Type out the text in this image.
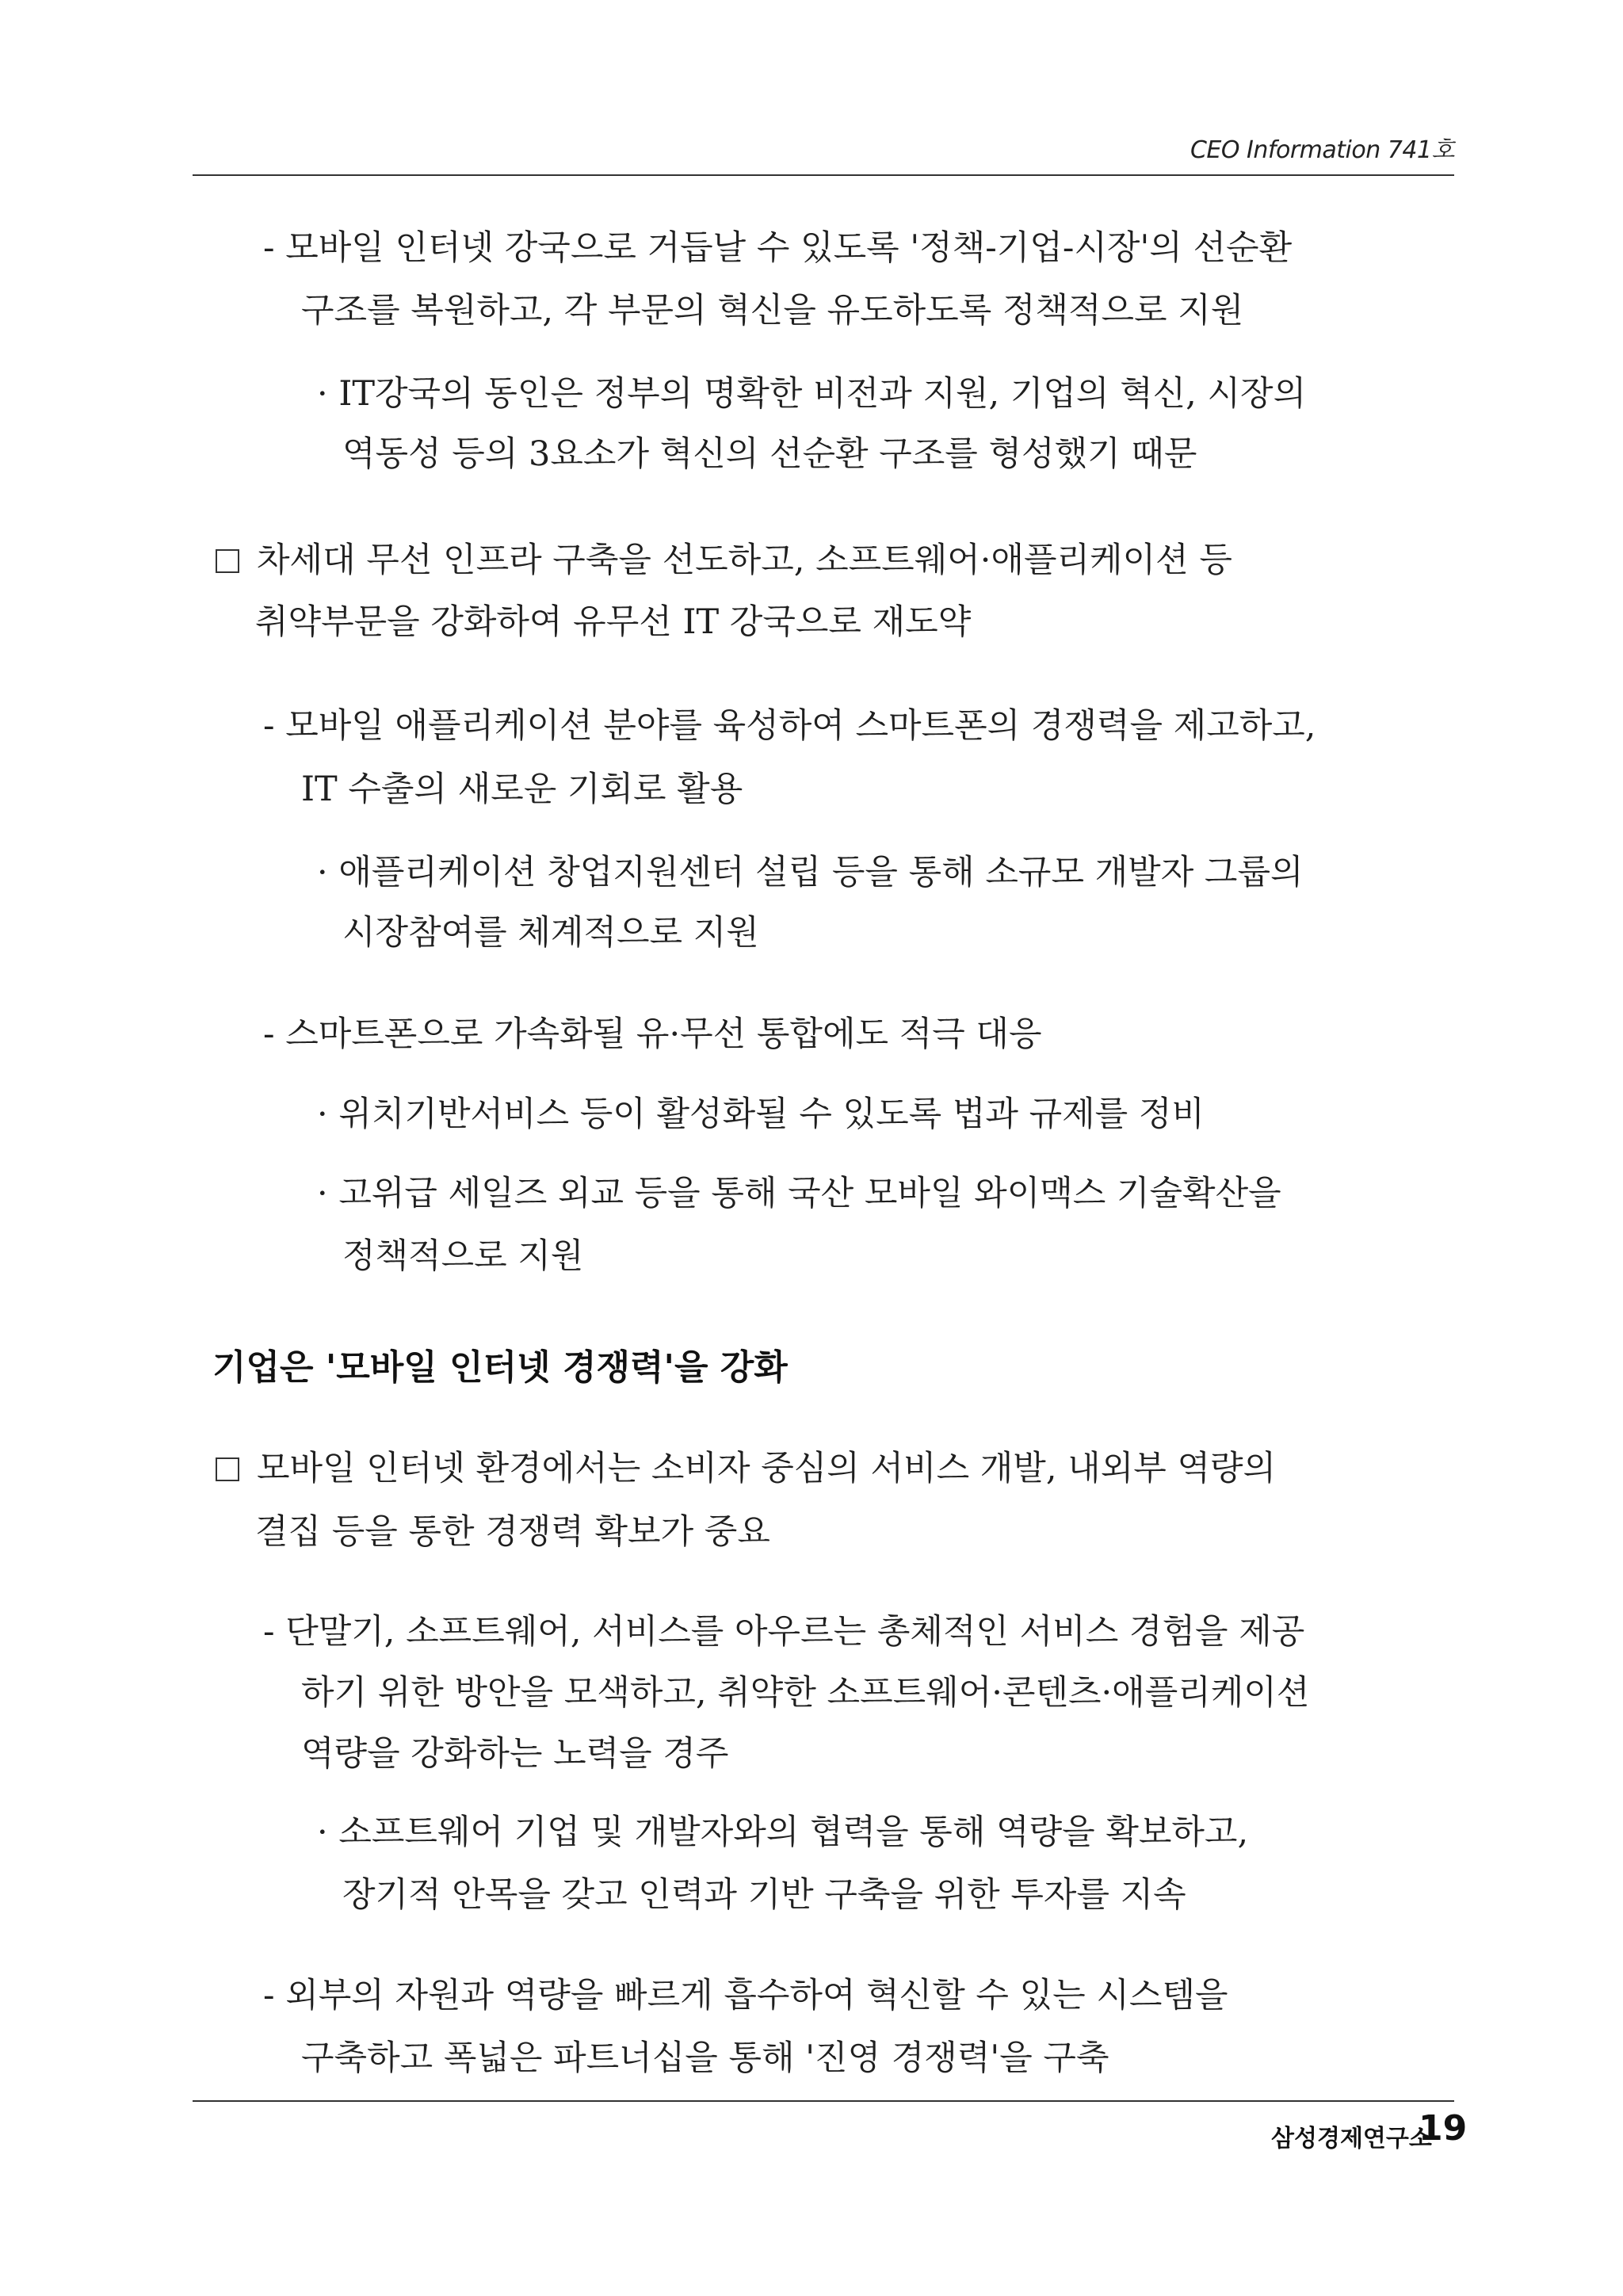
CEO Information 741호
- 모바일 인터넷 강국으로 거듭날 수 있도록 '정책-기업-시장'의 선순환
구조를 복원하고, 각 부문의 혁신을 유도하도록 정책적으로 지원
· IT강국의 동인은 정부의 명확한 비전과 지원, 기업의 혁신, 시장의
역동성 등의 3요소가 혁신의 선순환 구조를 형성했기 때문
차세대 무선 인프라 구축을 선도하고, 소프트웨어·애플리케이션 등
취약부문을 강화하여 유무선 IT 강국으로 재도약
- 모바일 애플리케이션 분야를 육성하여 스마트폰의 경쟁력을 제고하고,
IT 수출의 새로운 기회로 활용
· 애플리케이션 창업지원센터 설립 등을 통해 소규모 개발자 그룹의
시장참여를 체계적으로 지원
- 스마트폰으로 가속화될 유·무선 통합에도 적극 대응
· 위치기반서비스 등이 활성화될 수 있도록 법과 규제를 정비
· 고위급 세일즈 외교 등을 통해 국산 모바일 와이맥스 기술확산을
정책적으로 지원
기업은 '모바일 인터넷 경쟁력'을 강화
모바일 인터넷 환경에서는 소비자 중심의 서비스 개발, 내외부 역량의
결집 등을 통한 경쟁력 확보가 중요
- 단말기, 소프트웨어, 서비스를 아우르는 총체적인 서비스 경험을 제공
하기 위한 방안을 모색하고, 취약한 소프트웨어·콘텐츠·애플리케이션
역량을 강화하는 노력을 경주
· 소프트웨어 기업 및 개발자와의 협력을 통해 역량을 확보하고,
장기적 안목을 갖고 인력과 기반 구축을 위한 투자를 지속
- 외부의 자원과 역량을 빠르게 흡수하여 혁신할 수 있는 시스템을
구축하고 폭넓은 파트너십을 통해 '진영 경쟁력'을 구축
삼성경제연구소
19
